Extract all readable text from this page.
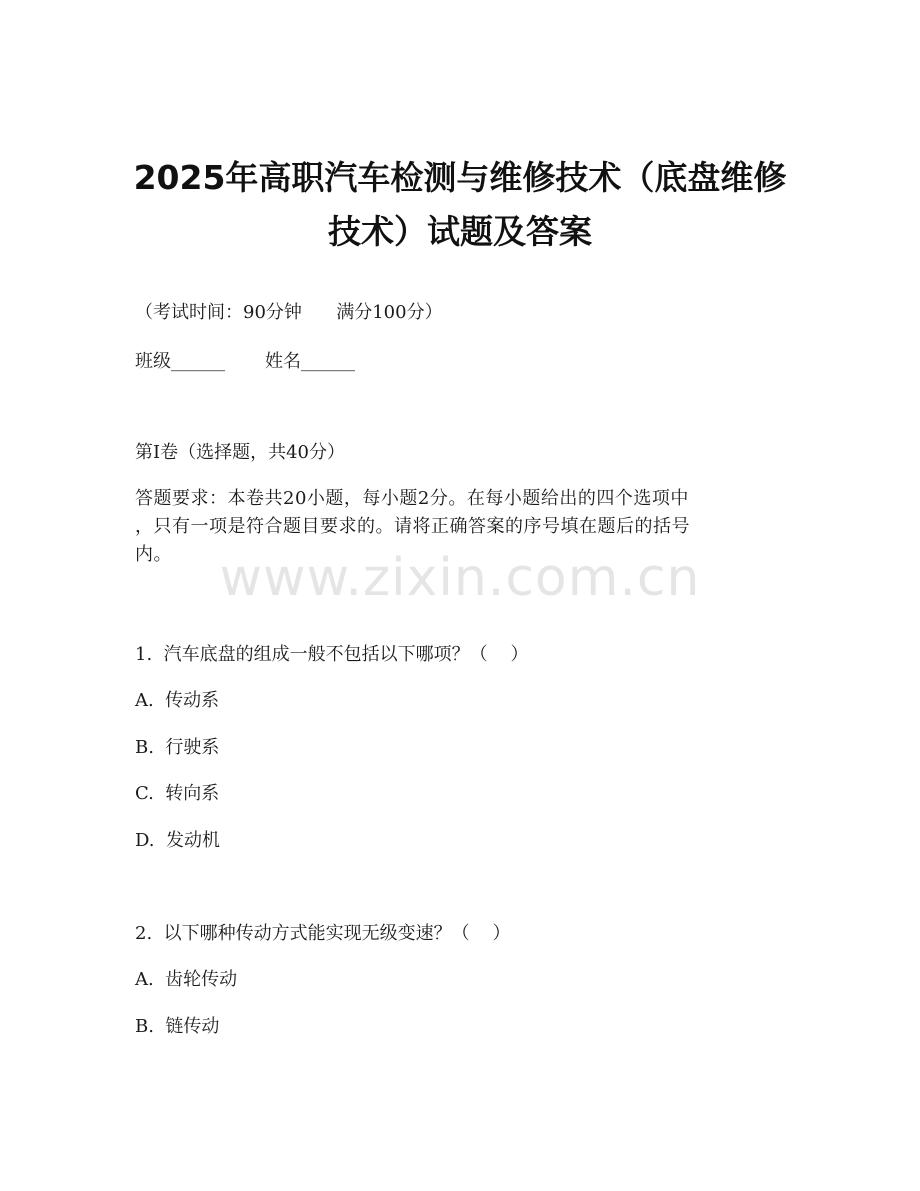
2025年高职汽车检测与维修技术（底盘维修
技术）试题及答案
（考试时间：90分钟      满分100分）
班级______       姓名______
第I卷（选择题，共40分）

答题要求：本卷共20小题，每小题2分。在每小题给出的四个选项中

，只有一项是符合题目要求的。请将正确答案的序号填在题后的括号

内。 www.zixin.com.cn
1.  汽车底盘的组成一般不包括以下哪项？（    ）
A.  传动系
B.  行驶系
C.  转向系
D.  发动机
2.  以下哪种传动方式能实现无级变速？（    ）
A.  齿轮传动
B.  链传动
